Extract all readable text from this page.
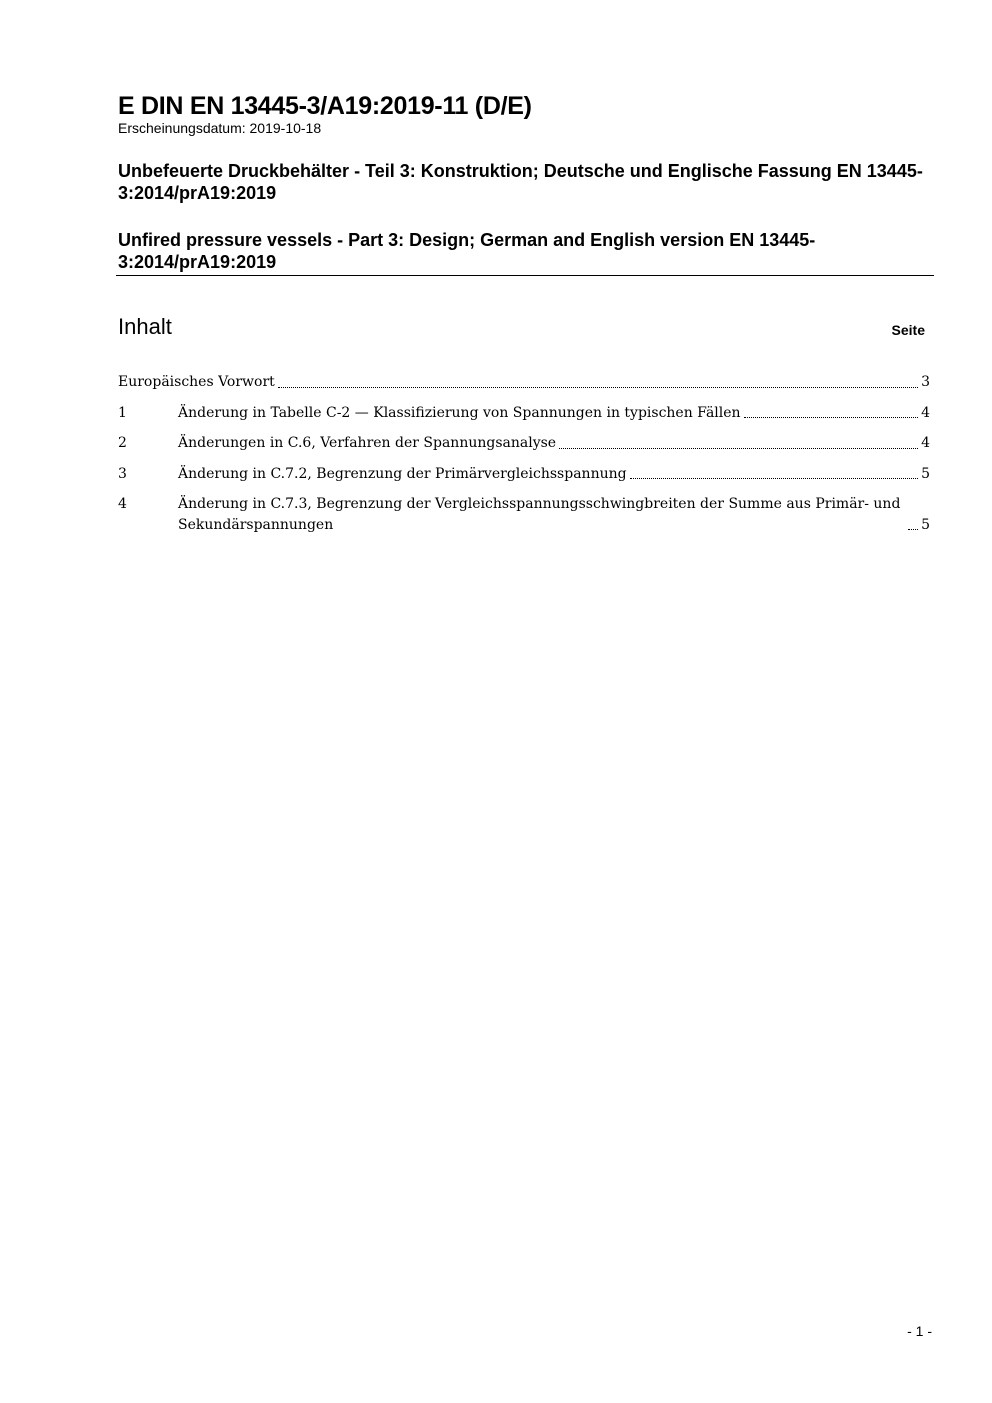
E DIN EN 13445-3/A19:2019-11 (D/E)

Erscheinungsdatum: 2019-10-18

Unbefeuerte Druckbehälter - Teil 3: Konstruktion; Deutsche und Englische Fassung EN 13445-3:2014/prA19:2019

Unfired pressure vessels - Part 3: Design; German and English version EN 13445-3:2014/prA19:2019

Inhalt	Seite
Europäisches Vorwort	3
1	Änderung in Tabelle C-2 — Klassifizierung von Spannungen in typischen Fällen	4
2	Änderungen in C.6, Verfahren der Spannungsanalyse	4
3	Änderung in C.7.2, Begrenzung der Primärvergleichsspannung	5
4	Änderung in C.7.3, Begrenzung der Vergleichsspannungsschwingbreiten der Summe aus Primär- und Sekundärspannungen	5
- 1 -
